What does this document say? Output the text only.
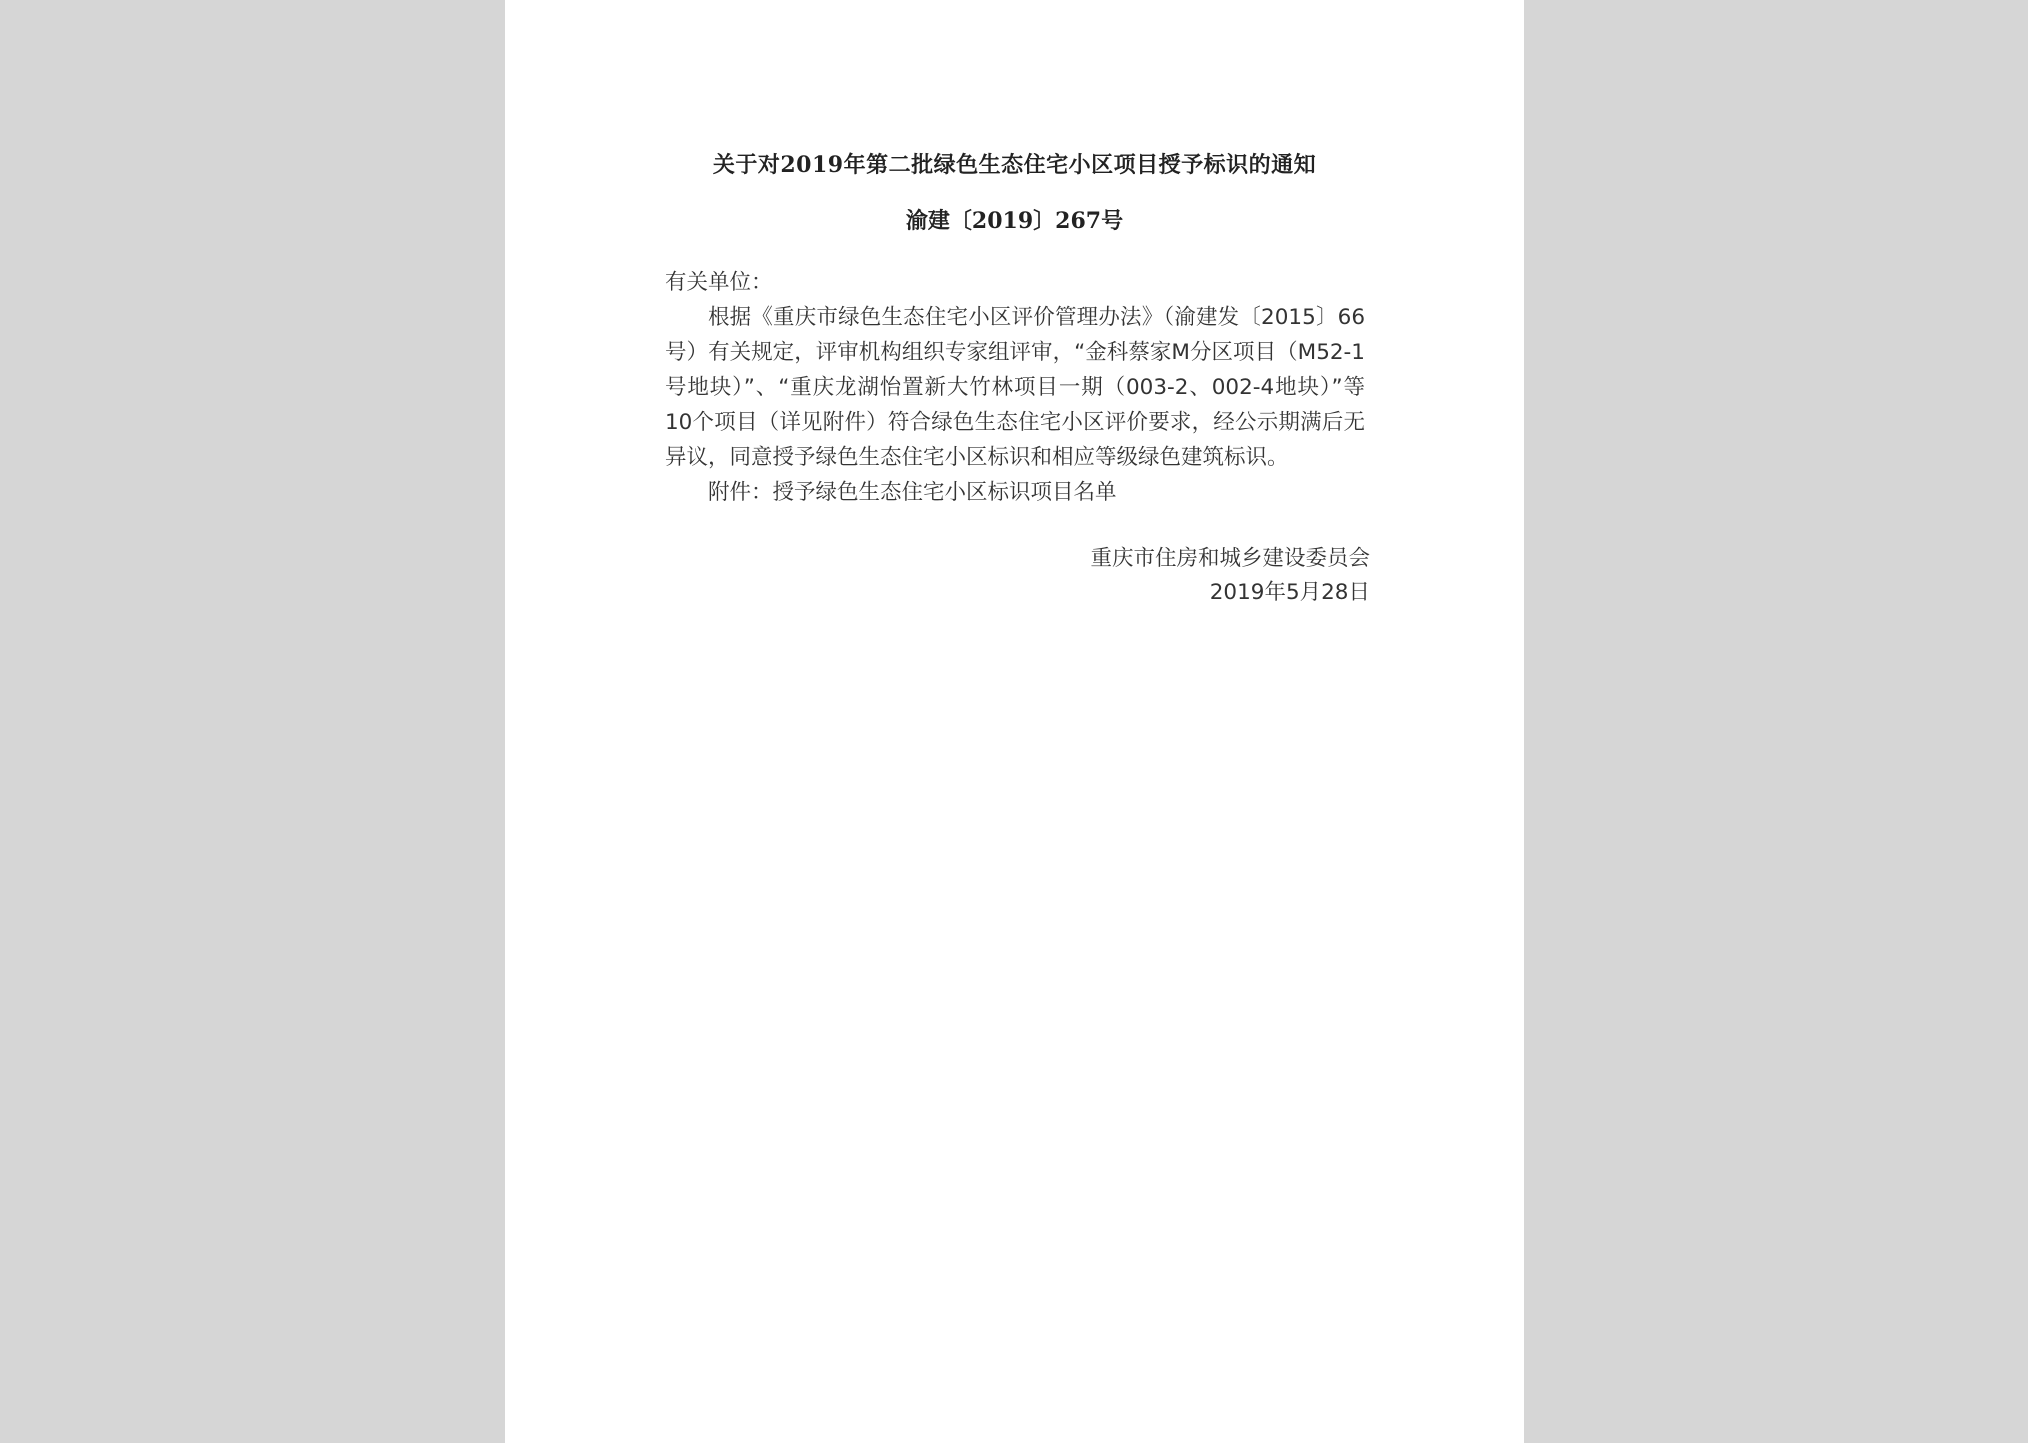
关于对2019年第二批绿色生态住宅小区项目授予标识的通知
渝建〔2019〕267号

有关单位：

根据《重庆市绿色生态住宅小区评价管理办法》（渝建发〔2015〕66号）有关规定，评审机构组织专家组评审，“金科蔡家M分区项目（M52-1号地块）”、“重庆龙湖怡置新大竹林项目一期（003-2、002-4地块）”等10个项目（详见附件）符合绿色生态住宅小区评价要求，经公示期满后无异议，同意授予绿色生态住宅小区标识和相应等级绿色建筑标识。

附件：授予绿色生态住宅小区标识项目名单

重庆市住房和城乡建设委员会

2019年5月28日
